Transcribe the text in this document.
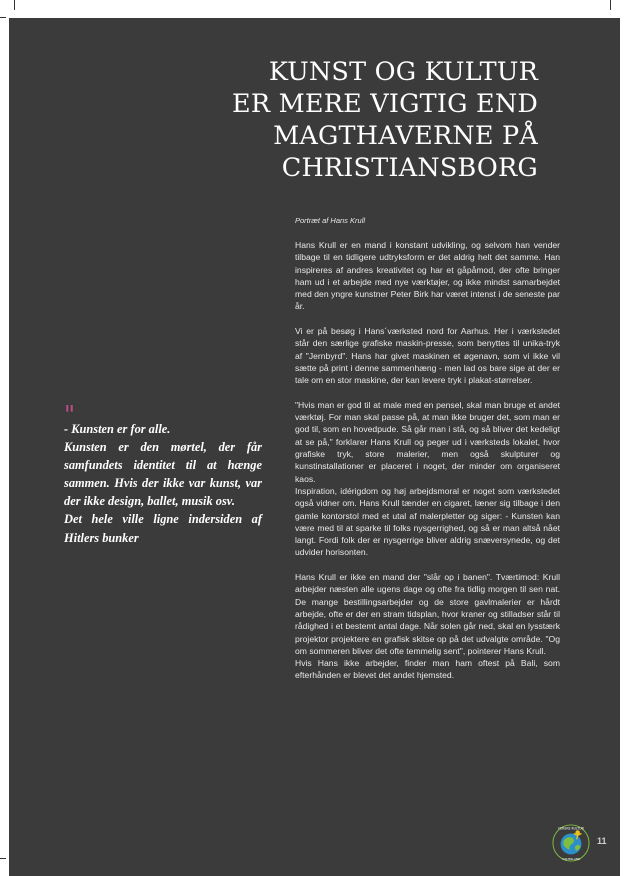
KUNST OG KULTUR
ER MERE VIGTIG END
MAGTHAVERNE PÅ
CHRISTIANSBORG
Portræt af Hans Krull

Hans Krull er en mand i konstant udvikling, og selvom han vender tilbage til en tidligere udtryksform er det aldrig helt det samme. Han inspireres af andres kreativitet og har et gåpåmod, der ofte bringer ham ud i et arbejde med nye værktøjer, og ikke mindst samarbejdet med den yngre kunstner Peter Birk har været intenst i de seneste par år.

Vi er på besøg i Hans´værksted nord for Aarhus. Her i værkstedet står den særlige grafiske maskin-presse, som benyttes til unika-tryk af "Jernbyrd". Hans har givet maskinen et øgenavn, som vi ikke vil sætte på print i denne sammenhæng - men lad os bare sige at der er tale om en stor maskine, der kan levere tryk i plakat-størrelser.

"Hvis man er god til at male med en pensel, skal man bruge et andet værktøj. For man skal passe på, at man ikke bruger det, som man er god til, som en hovedpude. Så går man i stå, og så bliver det kedeligt at se på," forklarer Hans Krull og peger ud i værksteds lokalet, hvor grafiske tryk, store malerier, men også skulpturer og kunstinstallationer er placeret i noget, der minder om organiseret kaos.

Inspiration, idérigdom og høj arbejdsmoral er noget som værkstedet også vidner om. Hans Krull tænder en cigaret, læner sig tilbage i den gamle kontorstol med et utal af malerpletter og siger: - Kunsten kan være med til at sparke til folks nysgerrighed, og så er man altså nået langt. Fordi folk der er nysgerrige bliver aldrig snæversynede, og det udvider horisonten.

Hans Krull er ikke en mand der "slår op i banen". Tværtimod: Krull arbejder næsten alle ugens dage og ofte fra tidlig morgen til sen nat. De mange bestillingsarbejder og de store gavlmalerier er hårdt arbejde, ofte er der en stram tidsplan, hvor kraner og stilladser står til rådighed i et bestemt antal dage. Når solen går ned, skal en lysstærk projektor projektere en grafisk skitse op på det udvalgte område. "Og om sommeren bliver det ofte temmelig sent", pointerer Hans Krull.

Hvis Hans ikke arbejder, finder man ham oftest på Bali, som efterhånden er blevet det andet hjemsted.

"
- Kunsten er for alle.
Kunsten er den mørtel, der får samfundets identitet til at hænge sammen. Hvis der ikke var kunst, var der ikke design, ballet, musik osv.
Det hele ville ligne indersiden af Hitlers bunker
FERSKE KULTUR
I DJURSLAND
11
